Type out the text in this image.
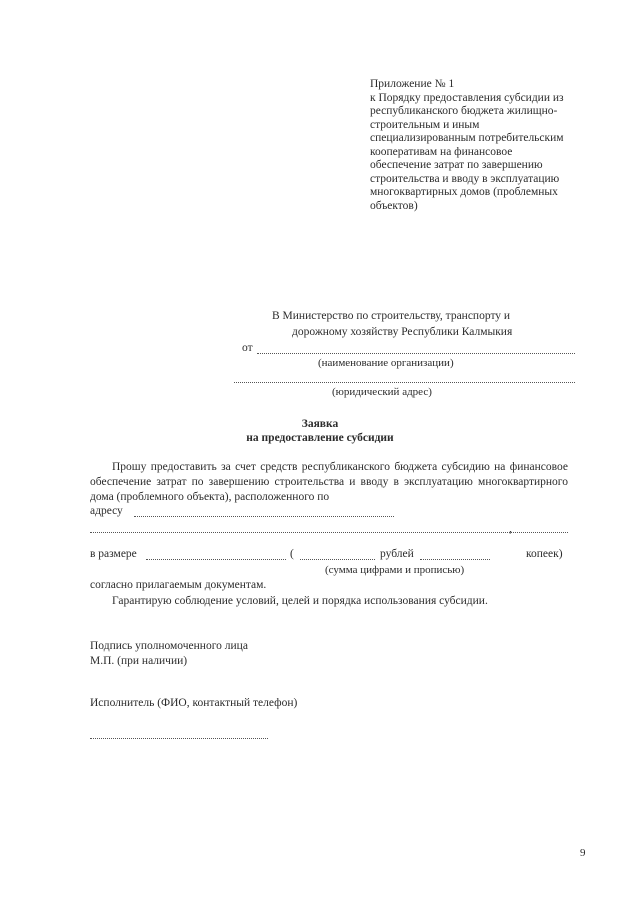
Приложение № 1
к Порядку предоставления субсидии из
республиканского бюджета жилищно-
строительным и иным
специализированным потребительским
кооперативам на финансовое
обеспечение затрат по завершению
строительства и вводу в эксплуатацию
многоквартирных домов (проблемных
объектов)
В Министерство по строительству, транспорту и
дорожному хозяйству Республики Калмыкия
от
(наименование организации)
(юридический адрес)
Заявка
на предоставление субсидии

Прошу предоставить за счет средств республиканского бюджета субсидию на финансовое обеспечение затрат по завершению строительства и вводу в эксплуатацию многоквартирного дома (проблемного объекта), расположенного по

адресу
,
в размере	(	рублей	копеек)
(сумма цифрами и прописью)
согласно прилагаемым документам.
Гарантирую соблюдение условий, целей и порядка использования субсидии.
Подпись уполномоченного лица
М.П. (при наличии)
Исполнитель (ФИО, контактный телефон)
9
